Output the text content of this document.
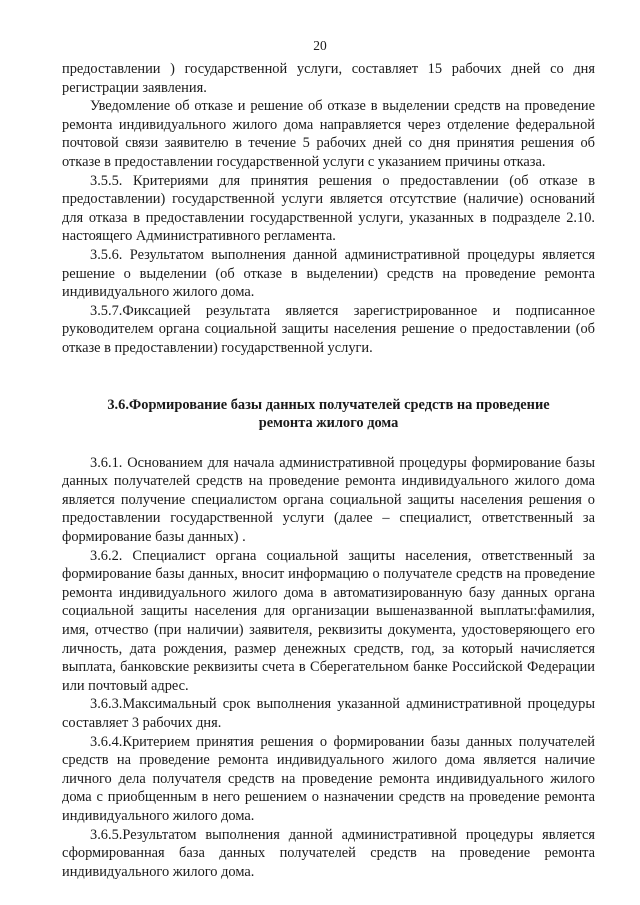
20

предоставлении ) государственной услуги, составляет 15 рабочих дней со дня регистрации заявления.

Уведомление об отказе и решение об отказе в выделении средств на проведение ремонта индивидуального жилого дома направляется через отделение федеральной почтовой связи заявителю в течение 5 рабочих дней со дня принятия решения об отказе в предоставлении государственной услуги с указанием причины отказа.

3.5.5. Критериями для принятия решения о предоставлении (об отказе в предоставлении) государственной услуги является отсутствие (наличие) оснований для отказа в предоставлении государственной услуги, указанных в подразделе 2.10. настоящего Административного регламента.

3.5.6. Результатом выполнения данной административной процедуры является решение о выделении (об отказе в выделении) средств на проведение ремонта индивидуального жилого дома.

3.5.7.Фиксацией результата является зарегистрированное и подписанное руководителем органа социальной защиты населения решение о предоставлении (об отказе в предоставлении) государственной услуги.

3.6.Формирование базы данных получателей средств на проведение
ремонта жилого дома

3.6.1. Основанием для начала административной процедуры формирование базы данных получателей средств на проведение ремонта индивидуального жилого дома является получение специалистом органа социальной защиты населения решения о предоставлении государственной услуги (далее – специалист, ответственный за формирование базы данных) .

3.6.2. Специалист органа социальной защиты населения, ответственный за формирование базы данных, вносит информацию о получателе средств на проведение ремонта индивидуального жилого дома в автоматизированную базу данных органа социальной защиты населения для организации вышеназванной выплаты:фамилия, имя, отчество (при наличии) заявителя, реквизиты документа, удостоверяющего его личность, дата рождения, размер денежных средств, год, за который начисляется выплата, банковские реквизиты счета в Сберегательном банке Российской Федерации или почтовый адрес.

3.6.3.Максимальный срок выполнения указанной административной процедуры составляет 3 рабочих дня.

3.6.4.Критерием принятия решения о формировании базы данных получателей средств на проведение ремонта индивидуального жилого дома является наличие личного дела получателя средств на проведение ремонта индивидуального жилого дома с приобщенным в него решением о назначении средств на проведение ремонта индивидуального жилого дома.

3.6.5.Результатом выполнения данной административной процедуры является сформированная база данных получателей средств на проведение ремонта индивидуального жилого дома.
